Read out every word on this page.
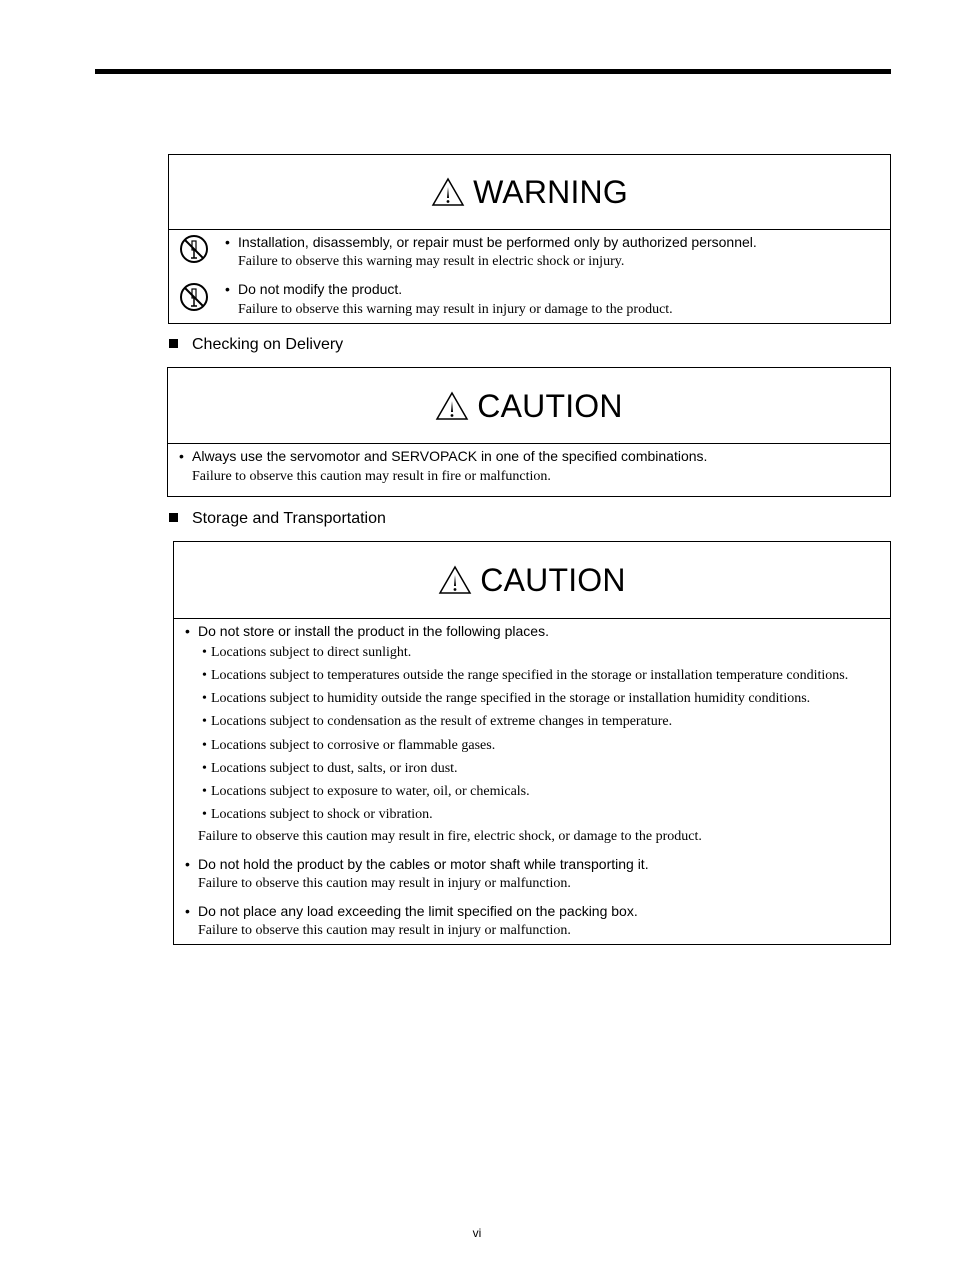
WARNING
• Installation, disassembly, or repair must be performed only by authorized personnel.
Failure to observe this warning may result in electric shock or injury.
• Do not modify the product.
Failure to observe this warning may result in injury or damage to the product.
Checking on Delivery
CAUTION
• Always use the servomotor and SERVOPACK in one of the specified combinations.
Failure to observe this caution may result in fire or malfunction.
Storage and Transportation
CAUTION
• Do not store or install the product in the following places.
• Locations subject to direct sunlight.
• Locations subject to temperatures outside the range specified in the storage or installation temperature conditions.
• Locations subject to humidity outside the range specified in the storage or installation humidity conditions.
• Locations subject to condensation as the result of extreme changes in temperature.
• Locations subject to corrosive or flammable gases.
• Locations subject to dust, salts, or iron dust.
• Locations subject to exposure to water, oil, or chemicals.
• Locations subject to shock or vibration.
Failure to observe this caution may result in fire, electric shock, or damage to the product.
• Do not hold the product by the cables or motor shaft while transporting it.
Failure to observe this caution may result in injury or malfunction.
• Do not place any load exceeding the limit specified on the packing box.
Failure to observe this caution may result in injury or malfunction.
vi
